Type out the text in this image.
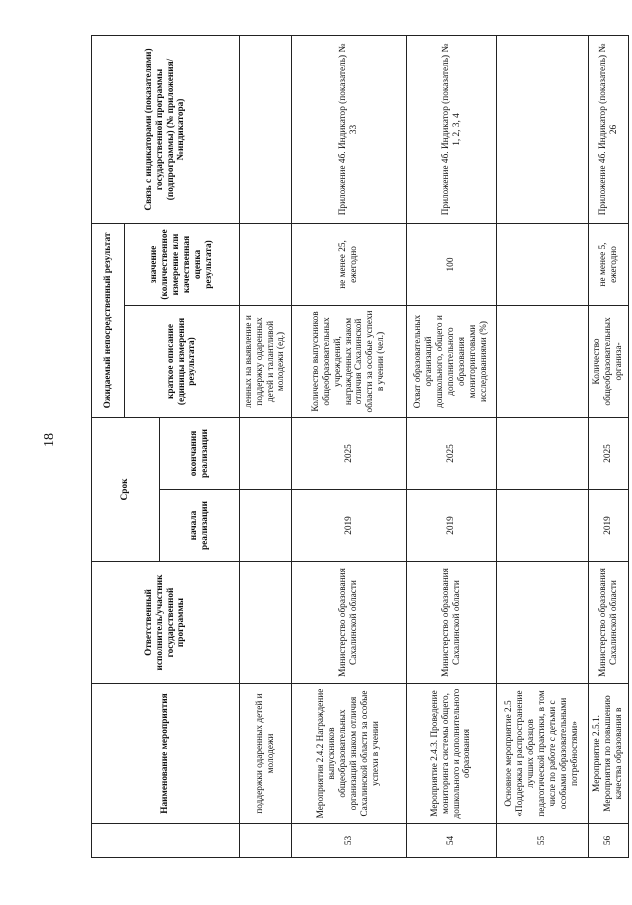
18
	Наименование мероприятия	Ответственный исполнитель/участник государственной программы	Срок		Ожидаемый непосредственный результат		Связь с индикаторами (показателями) государственной программы (подпрограммы) (№ приложения/№индикатора)
					краткое описание (единицы измерения результата)	значение (количественное измерение или качественная оценка результата)	
			начала реализации	окончания реализации			
	поддержки одаренных детей и молодежи				ленных на выявление и поддержку одаренных детей и талантливой молодежи (ед.)		
53	Мероприятия 2.4.2 Награждение выпускников общеобразовательных организаций знаком отличия Сахалинской области за особые успехи в учении	Министерство образования Сахалинской области	2019	2025	Количество выпускников общеобразовательных учреждений, награжденных знаком отличия Сахалинской области за особые успехи в учении (чел.)	не менее 25, ежегодно	Приложение 4б. Индикатор (показатель) № 33
54	Мероприятие 2.4.3. Проведение мониторинга системы общего, дошкольного и дополнительного образования	Министерство образования Сахалинской области	2019	2025	Охват образовательных организаций дошкольного, общего и дополнительного образования мониторинговыми исследованиями (%)	100	Приложение 4б. Индикатор (показатель) № 1, 2, 3, 4
55	Основное мероприятие 2.5 «Поддержка и распространение лучших образцов педагогической практики, в том числе по работе с детьми с особыми образовательными потребностями»						
56	Мероприятие 2.5.1. Мероприятия по повышению качества образования в	Министерство образования Сахалинской области	2019	2025	Количество общеобразовательных организа-	не менее 5, ежегодно	Приложение 4б. Индикатор (показатель) № 26
